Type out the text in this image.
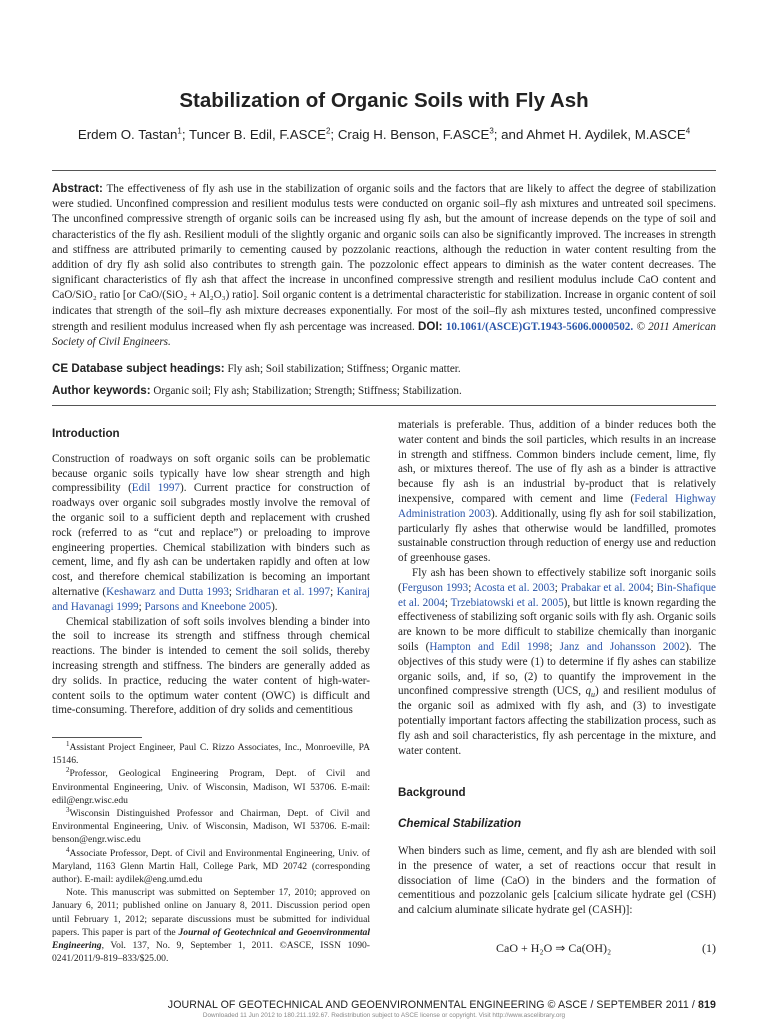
Stabilization of Organic Soils with Fly Ash
Erdem O. Tastan$^1$; Tuncer B. Edil, F.ASCE$^2$; Craig H. Benson, F.ASCE$^3$; and Ahmet H. Aydilek, M.ASCE$^4$
Abstract: The effectiveness of fly ash use in the stabilization of organic soils and the factors that are likely to affect the degree of stabilization were studied. Unconfined compression and resilient modulus tests were conducted on organic soil–fly ash mixtures and untreated soil specimens. The unconfined compressive strength of organic soils can be increased using fly ash, but the amount of increase depends on the type of soil and characteristics of the fly ash. Resilient moduli of the slightly organic and organic soils can also be significantly improved. The increases in strength and stiffness are attributed primarily to cementing caused by pozzolanic reactions, although the reduction in water content resulting from the addition of dry fly ash solid also contributes to strength gain. The pozzolonic effect appears to diminish as the water content decreases. The significant characteristics of fly ash that affect the increase in unconfined compressive strength and resilient modulus include CaO content and CaO/SiO₂ ratio [or CaO/(SiO₂ + Al₂O₃) ratio]. Soil organic content is a detrimental characteristic for stabilization. Increase in organic content of soil indicates that strength of the soil–fly ash mixture decreases exponentially. For most of the soil–fly ash mixtures tested, unconfined compressive strength and resilient modulus increased when fly ash percentage was increased. DOI: 10.1061/(ASCE)GT.1943-5606.0000502. © 2011 American Society of Civil Engineers.
CE Database subject headings: Fly ash; Soil stabilization; Stiffness; Organic matter.
Author keywords: Organic soil; Fly ash; Stabilization; Strength; Stiffness; Stabilization.
Introduction

Construction of roadways on soft organic soils can be problematic because organic soils typically have low shear strength and high compressibility (Edil 1997). Current practice for construction of roadways over organic soil subgrades mostly involve the removal of the organic soil to a sufficient depth and replacement with crushed rock (referred to as “cut and replace”) or preloading to improve engineering properties. Chemical stabilization with binders such as cement, lime, and fly ash can be undertaken rapidly and often at low cost, and therefore chemical stabilization is becoming an important alternative (Keshawarz and Dutta 1993; Sridharan et al. 1997; Kaniraj and Havanagi 1999; Parsons and Kneebone 2005).

Chemical stabilization of soft soils involves blending a binder into the soil to increase its strength and stiffness through chemical reactions. The binder is intended to cement the soil solids, thereby increasing strength and stiffness. The binders are generally added as dry solids. In practice, reducing the water content of high-water-content soils to the optimum water content (OWC) is difficult and time-consuming. Therefore, addition of dry solids and cementitious

$^1$Assistant Project Engineer, Paul C. Rizzo Associates, Inc., Monroeville, PA 15146.

$^2$Professor, Geological Engineering Program, Dept. of Civil and Environmental Engineering, Univ. of Wisconsin, Madison, WI 53706. E-mail: edil@engr.wisc.edu

$^3$Wisconsin Distinguished Professor and Chairman, Dept. of Civil and Environmental Engineering, Univ. of Wisconsin, Madison, WI 53706. E-mail: benson@engr.wisc.edu

$^4$Associate Professor, Dept. of Civil and Environmental Engineering, Univ. of Maryland, 1163 Glenn Martin Hall, College Park, MD 20742 (corresponding author). E-mail: aydilek@eng.umd.edu

Note. This manuscript was submitted on September 17, 2010; approved on January 6, 2011; published online on January 8, 2011. Discussion period open until February 1, 2012; separate discussions must be submitted for individual papers. This paper is part of the Journal of Geotechnical and Geoenvironmental Engineering, Vol. 137, No. 9, September 1, 2011. ©ASCE, ISSN 1090-0241/2011/9-819–833/$25.00.

materials is preferable. Thus, addition of a binder reduces both the water content and binds the soil particles, which results in an increase in strength and stiffness. Common binders include cement, lime, fly ash, or mixtures thereof. The use of fly ash as a binder is attractive because fly ash is an industrial by-product that is relatively inexpensive, compared with cement and lime (Federal Highway Administration 2003). Additionally, using fly ash for soil stabilization, particularly fly ashes that otherwise would be landfilled, promotes sustainable construction through reduction of energy use and reduction of greenhouse gases.

Fly ash has been shown to effectively stabilize soft inorganic soils (Ferguson 1993; Acosta et al. 2003; Prabakar et al. 2004; Bin-Shafique et al. 2004; Trzebiatowski et al. 2005), but little is known regarding the effectiveness of stabilizing soft organic soils with fly ash. Organic soils are known to be more difficult to stabilize chemically than inorganic soils (Hampton and Edil 1998; Janz and Johansson 2002). The objectives of this study were (1) to determine if fly ashes can stabilize organic soils, and, if so, (2) to quantify the improvement in the unconfined compressive strength (UCS, $q_u$) and resilient modulus of the organic soil as admixed with fly ash, and (3) to investigate potentially important factors affecting the stabilization process, such as fly ash and soil characteristics, fly ash percentage in the mixture, and water content.

Background
Chemical Stabilization

When binders such as lime, cement, and fly ash are blended with soil in the presence of water, a set of reactions occur that result in dissociation of lime (CaO) in the binders and the formation of cementitious and pozzolanic gels [calcium silicate hydrate gel (CSH) and calcium aluminate silicate hydrate gel (CASH)]:

CaO + H₂O ⇒ Ca(OH)₂	(1)
JOURNAL OF GEOTECHNICAL AND GEOENVIRONMENTAL ENGINEERING © ASCE / SEPTEMBER 2011 / 819
Downloaded 11 Jun 2012 to 180.211.192.67. Redistribution subject to ASCE license or copyright. Visit http://www.ascelibrary.org
